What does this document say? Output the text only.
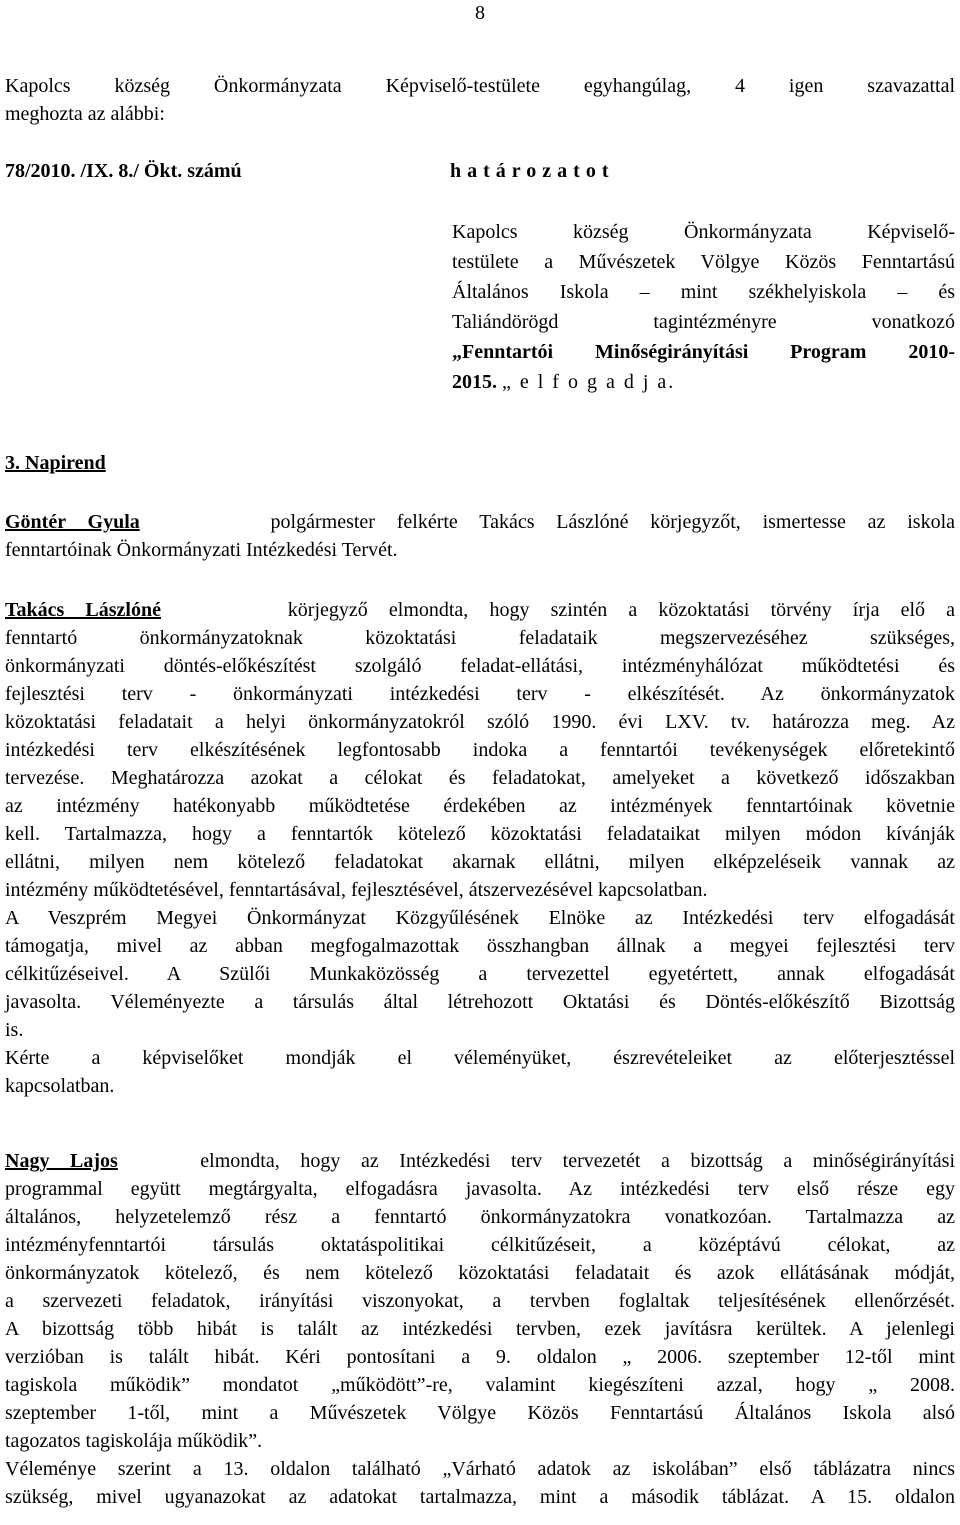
8
Kapolcs község Önkormányzata Képviselő-testülete egyhangúlag, 4 igen szavazattal
meghozta az alábbi:
78/2010. /IX. 8./ Ökt. számú	h a t á r o z a t o t
Kapolcs község Önkormányzata Képviselő-
testülete a Művészetek Völgye Közös Fenntartású
Általános Iskola – mint székhelyiskola – és
Taliándörögd tagintézményre vonatkozó
„Fenntartói Minőségirányítási Program 2010-
2015. „ e l f o g a d j a.
3. Napirend
Göntér Gyula	polgármester felkérte Takács Lászlóné körjegyzőt, ismertesse az iskola
fenntartóinak Önkormányzati Intézkedési Tervét.
Takács Lászlóné	körjegyző elmondta, hogy szintén a közoktatási törvény írja elő a
fenntartó önkormányzatoknak közoktatási feladataik megszervezéséhez szükséges,
önkormányzati döntés-előkészítést szolgáló feladat-ellátási, intézményhálózat működtetési és
fejlesztési terv - önkormányzati intézkedési terv - elkészítését. Az önkormányzatok
közoktatási feladatait a helyi önkormányzatokról szóló 1990. évi LXV. tv. határozza meg. Az
intézkedési terv elkészítésének legfontosabb indoka a fenntartói tevékenységek előretekintő
tervezése. Meghatározza azokat a célokat és feladatokat, amelyeket a következő időszakban
az intézmény hatékonyabb működtetése érdekében az intézmények fenntartóinak követnie
kell. Tartalmazza, hogy a fenntartók kötelező közoktatási feladataikat milyen módon kívánják
ellátni, milyen nem kötelező feladatokat akarnak ellátni, milyen elképzeléseik vannak az
intézmény működtetésével, fenntartásával, fejlesztésével, átszervezésével kapcsolatban.
A Veszprém Megyei Önkormányzat Közgyűlésének Elnöke az Intézkedési terv elfogadását
támogatja, mivel az abban megfogalmazottak összhangban állnak a megyei fejlesztési terv
célkitűzéseivel. A Szülői Munkaközösség a tervezettel egyetértett, annak elfogadását
javasolta. Véleményezte a társulás által létrehozott Oktatási és Döntés-előkészítő Bizottság
is.
Kérte a képviselőket mondják el véleményüket, észrevételeiket az előterjesztéssel
kapcsolatban.
Nagy Lajos	elmondta, hogy az Intézkedési terv tervezetét a bizottság a minőségirányítási
programmal együtt megtárgyalta, elfogadásra javasolta. Az intézkedési terv első része egy
általános, helyzetelemző rész a fenntartó önkormányzatokra vonatkozóan. Tartalmazza az
intézményfenntartói társulás oktatáspolitikai célkitűzéseit, a középtávú célokat, az
önkormányzatok kötelező, és nem kötelező közoktatási feladatait és azok ellátásának módját,
a szervezeti feladatok, irányítási viszonyokat, a tervben foglaltak teljesítésének ellenőrzését.
A bizottság több hibát is talált az intézkedési tervben, ezek javításra kerültek. A jelenlegi
verzióban is talált hibát. Kéri pontosítani a 9. oldalon „ 2006. szeptember 12-től mint
tagiskola működik” mondatot „működött”-re, valamint kiegészíteni azzal, hogy „ 2008.
szeptember 1-től, mint a Művészetek Völgye Közös Fenntartású Általános Iskola alsó
tagozatos tagiskolája működik”.
Véleménye szerint a 13. oldalon található „Várható adatok az iskolában” első táblázatra nincs
szükség, mivel ugyanazokat az adatokat tartalmazza, mint a második táblázat. A 15. oldalon
